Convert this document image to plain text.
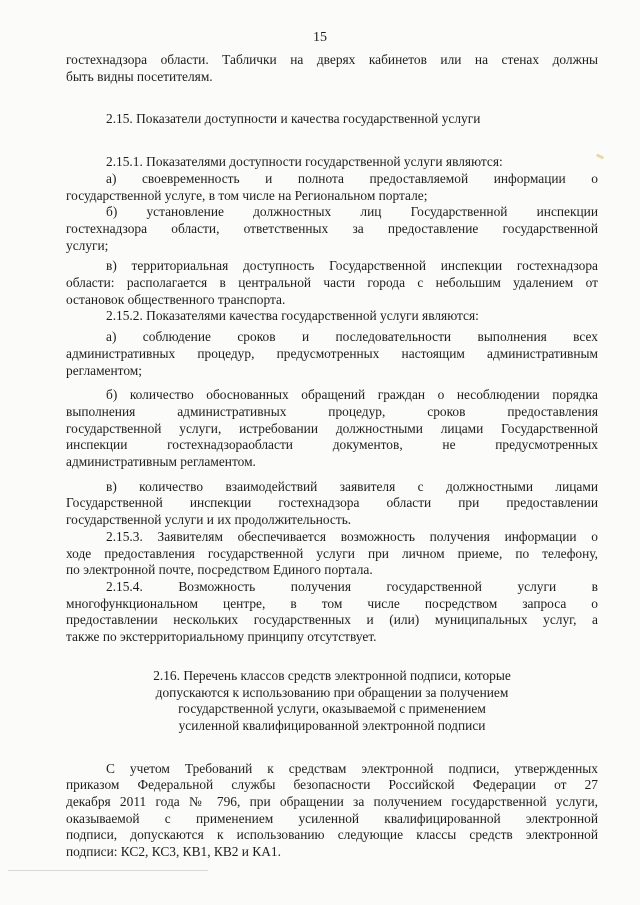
15
гостехнадзора области. Таблички на дверях кабинетов или на стенах должны
быть видны посетителям.
2.15. Показатели доступности и качества государственной услуги
2.15.1. Показателями доступности государственной услуги являются:
а) своевременность и полнота предоставляемой информации о
государственной услуге, в том числе на Региональном портале;
б) установление должностных лиц Государственной инспекции
гостехнадзора области, ответственных за предоставление государственной
услуги;
в) территориальная доступность Государственной инспекции гостехнадзора
области: располагается в центральной части города с небольшим удалением от
остановок общественного транспорта.
2.15.2. Показателями качества государственной услуги являются:
а) соблюдение сроков и последовательности выполнения всех
административных процедур, предусмотренных настоящим административным
регламентом;
б) количество обоснованных обращений граждан о несоблюдении порядка
выполнения административных процедур, сроков предоставления
государственной услуги, истребовании должностными лицами Государственной
инспекции гостехнадзораобласти документов, не предусмотренных
административным регламентом.
в) количество взаимодействий заявителя с должностными лицами
Государственной инспекции гостехнадзора области при предоставлении
государственной услуги и их продолжительность.
2.15.3. Заявителям обеспечивается возможность получения информации о
ходе предоставления государственной услуги при личном приеме, по телефону,
по электронной почте, посредством Единого портала.
2.15.4. Возможность получения государственной услуги в
многофункциональном центре, в том числе посредством запроса о
предоставлении нескольких государственных и (или) муниципальных услуг, а
также по экстерриториальному принципу отсутствует.
2.16. Перечень классов средств электронной подписи, которые
допускаются к использованию при обращении за получением
государственной услуги, оказываемой с применением
усиленной квалифицированной электронной подписи
С учетом Требований к средствам электронной подписи, утвержденных
приказом Федеральной службы безопасности Российской Федерации от 27
декабря 2011 года № 796, при обращении за получением государственной услуги,
оказываемой с применением усиленной квалифицированной электронной
подписи, допускаются к использованию следующие классы средств электронной
подписи: КС2, КС3, КВ1, КВ2 и КА1.
